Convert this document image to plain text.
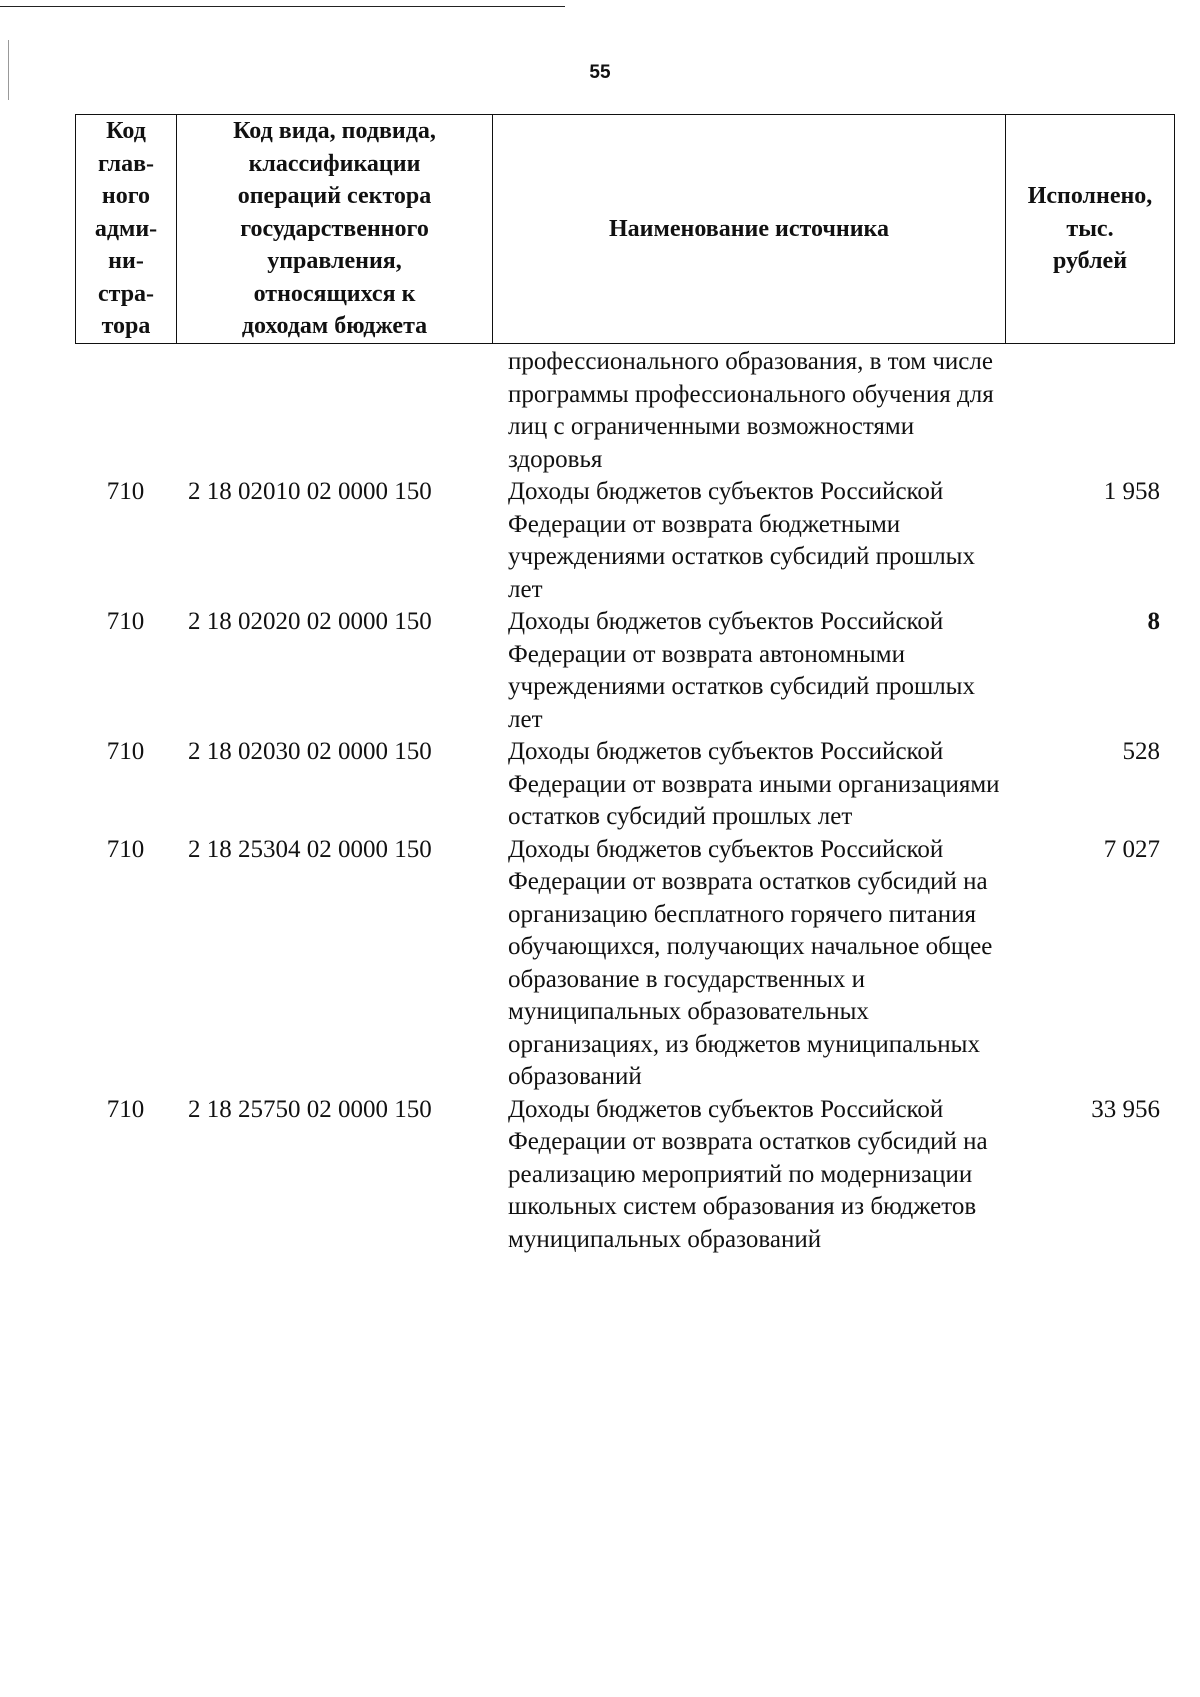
55
Код
глав-
ного
адми-
ни-
стра-
тора	Код вида, подвида,
классификации
операций сектора
государственного
управления,
относящихся к
доходам бюджета	Наименование источника	Исполнено,
тыс.
рублей
		профессионального образования, в том числе программы профессионального обучения для лиц с ограниченными возможностями здоровья	
710	2 18 02010 02 0000 150	Доходы бюджетов субъектов Российской Федерации от возврата бюджетными учреждениями остатков субсидий прошлых лет	1 958
710	2 18 02020 02 0000 150	Доходы бюджетов субъектов Российской Федерации от возврата автономными учреждениями остатков субсидий прошлых лет	8
710	2 18 02030 02 0000 150	Доходы бюджетов субъектов Российской Федерации от возврата иными организациями остатков субсидий прошлых лет	528
710	2 18 25304 02 0000 150	Доходы бюджетов субъектов Российской Федерации от возврата остатков субсидий на организацию бесплатного горячего питания обучающихся, получающих начальное общее образование в государственных и муниципальных образовательных организациях, из бюджетов муниципальных образований	7 027
710	2 18 25750 02 0000 150	Доходы бюджетов субъектов Российской Федерации от возврата остатков субсидий на реализацию мероприятий по модернизации школьных систем образования из бюджетов муниципальных образований	33 956
